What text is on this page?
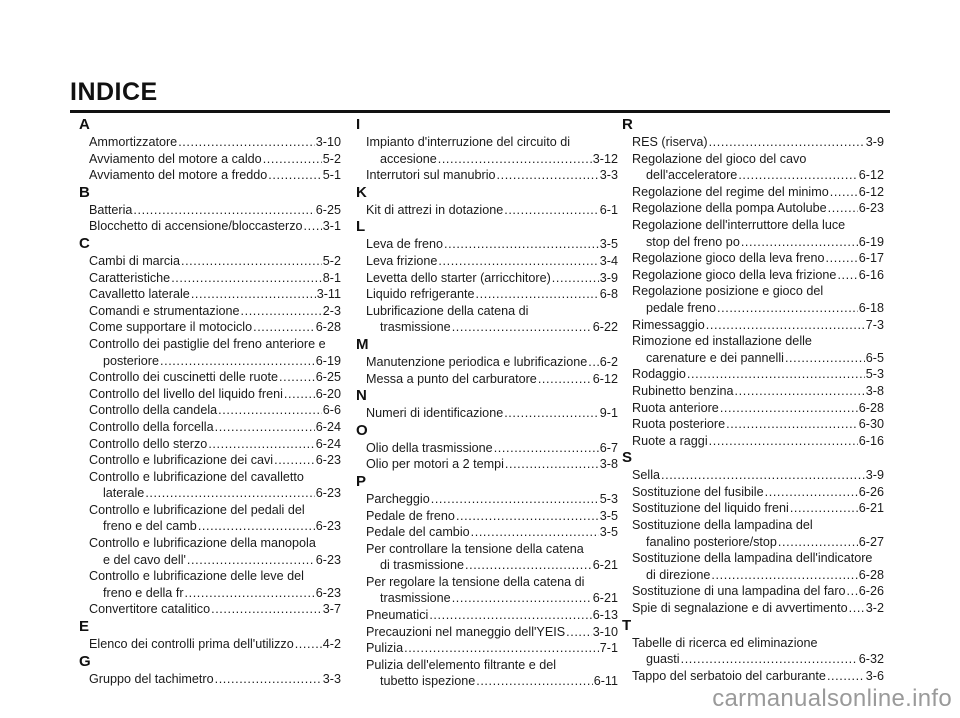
INDICE
A
Ammortizzatore .....	3-10
Avviamento del motore a caldo .....	5-2
Avviamento del motore a freddo .....	5-1
B
Batteria .....	6-25
Blocchetto di accensione/bloccasterzo ..... 3-1
C
Cambi di marcia .....	5-2
Caratteristiche .....	8-1
Cavalletto laterale .....	3-11
Comandi e strumentazione .....	2-3
Come supportare il motociclo .....	6-28
Controllo dei pastiglie del freno anteriore e
posteriore .....	6-19
Controllo dei cuscinetti delle ruote .....	6-25
Controllo del livello del liquido freni .....	6-20
Controllo della candela .....	6-6
Controllo della forcella .....	6-24
Controllo dello sterzo .....	6-24
Controllo e lubrificazione dei cavi .....	6-23
Controllo e lubrificazione del cavalletto
laterale .....	6-23
Controllo e lubrificazione del pedali del
freno e del camb .....	6-23
Controllo e lubrificazione della manopola
e del cavo dell' .....	6-23
Controllo e lubrificazione delle leve del
freno e della fr .....	6-23
Convertitore catalitico .....	3-7
E
Elenco dei controlli prima dell'utilizzo ..... 4-2
G
Gruppo del tachimetro .....	3-3
I
Impianto d'interruzione del circuito di
accesione .....	3-12
Interrutori sul manubrio .....	3-3
K
Kit di attrezi in dotazione .....	6-1
L
Leva de freno .....	3-5
Leva frizione .....	3-4
Levetta dello starter (arricchitore) .....	3-9
Liquido refrigerante .....	6-8
Lubrificazione della catena di
trasmissione .....	6-22
M
Manutenzione periodica e lubrificazione ..... 6-2
Messa a punto del carburatore .....	6-12
N
Numeri di identificazione .....	9-1
O
Olio della trasmissione .....	6-7
Olio per motori a 2 tempi .....	3-8
P
Parcheggio .....	5-3
Pedale de freno .....	3-5
Pedale del cambio .....	3-5
Per controllare la tensione della catena
di trasmissione .....	6-21
Per regolare la tensione della catena di
trasmissione .....	6-21
Pneumatici .....	6-13
Precauzioni nel maneggio dell'YEIS ..... 3-10
Pulizia .....	7-1
Pulizia dell'elemento filtrante e del
tubetto ispezione .....	6-11
R
RES (riserva) .....	3-9
Regolazione del gioco del cavo
dell'acceleratore .....	6-12
Regolazione del regime del minimo ..... 6-12
Regolazione della pompa Autolube .....	6-23
Regolazione dell'interruttore della luce
stop del freno po .....	6-19
Regolazione gioco della leva freno .....	6-17
Regolazione gioco della leva frizione ..... 6-16
Regolazione posizione e gioco del
pedale freno .....	6-18
Rimessaggio .....	7-3
Rimozione ed installazione delle
carenature e dei pannelli .....	6-5
Rodaggio .....	5-3
Rubinetto benzina .....	3-8
Ruota anteriore .....	6-28
Ruota posteriore .....	6-30
Ruote a raggi .....	6-16
S
Sella .....	3-9
Sostituzione del fusibile .....	6-26
Sostituzione del liquido freni .....	6-21
Sostituzione della lampadina del
fanalino posteriore/stop .....	6-27
Sostituzione della lampadina dell'indicatore
di direzione .....	6-28
Sostituzione di una lampadina del faro ..... 6-26
Spie di segnalazione e di avvertimento ..... 3-2
T
Tabelle di ricerca ed eliminazione
guasti .....	6-32
Tappo del serbatoio del carburante .....	3-6
carmanualsonline.info
